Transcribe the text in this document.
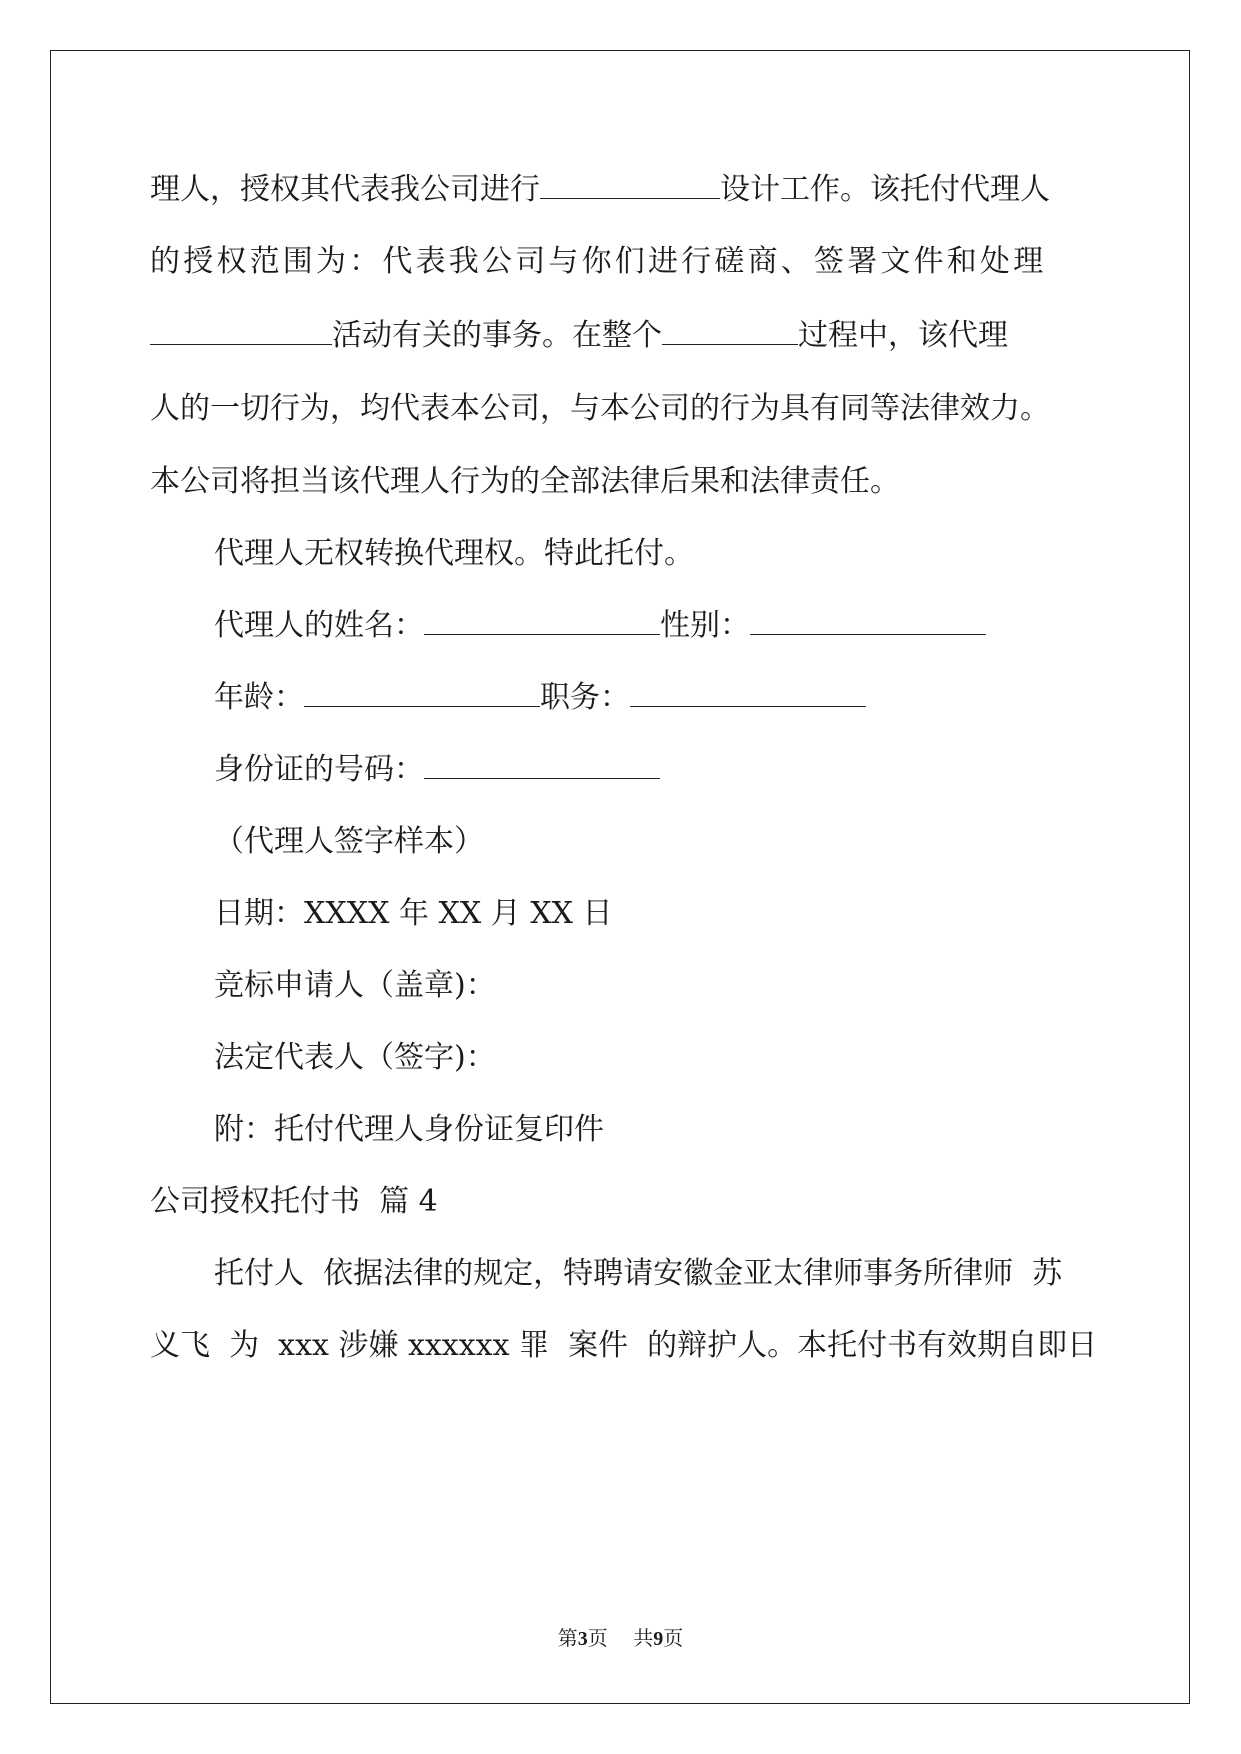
理人，授权其代表我公司进行	设计工作。该托付代理人
的授权范围为：代表我公司与你们进行磋商、签署文件和处理
活动有关的事务。在整个	过程中，该代理
人的一切行为，均代表本公司，与本公司的行为具有同等法律效力。
本公司将担当该代理人行为的全部法律后果和法律责任。
代理人无权转换代理权。特此托付。
代理人的姓名：	性别：
年龄：	职务：
身份证的号码：
（代理人签字样本）
日期：XXXX 年 XX 月 XX 日
竞标申请人（盖章)：
法定代表人（签字)：
附：托付代理人身份证复印件
公司授权托付书  篇 4
托付人  依据法律的规定，特聘请安徽金亚太律师事务所律师  苏
义飞  为  xxx 涉嫌 xxxxxx 罪  案件  的辩护人。本托付书有效期自即日
第3页    共9页
